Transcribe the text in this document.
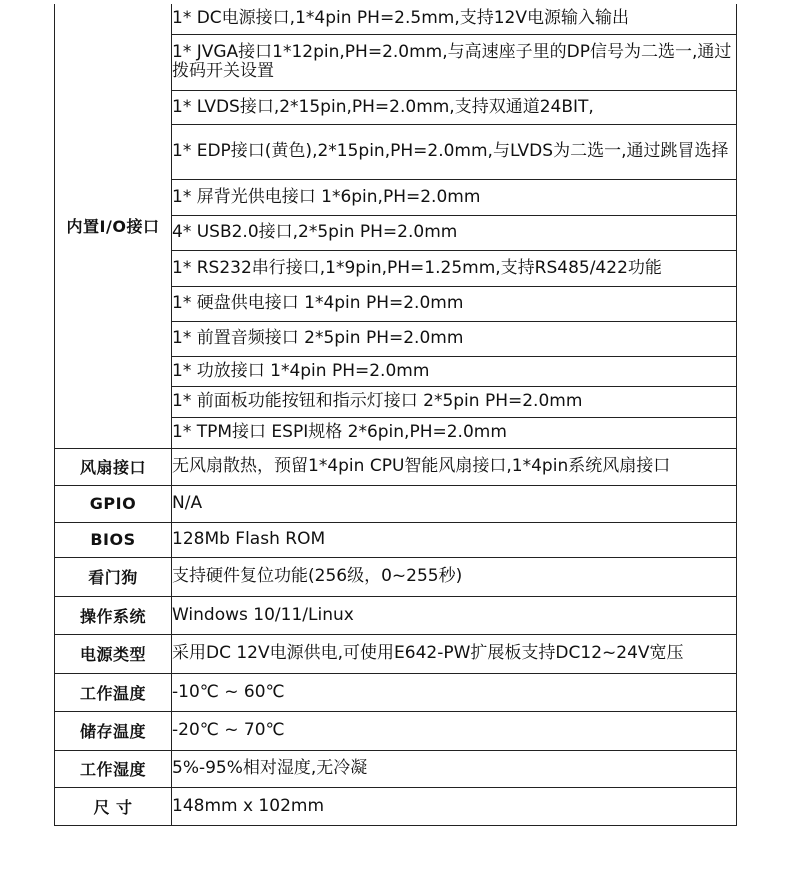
内置I/O接口	1* DC电源接口,1*4pin PH=2.5mm,支持12V电源输入输出
	1* JVGA接口1*12pin,PH=2.0mm,与高速座子里的DP信号为二选一,通过拨码开关设置
	1* LVDS接口,2*15pin,PH=2.0mm,支持双通道24BIT,
	1* EDP接口(黄色),2*15pin,PH=2.0mm,与LVDS为二选一,通过跳冒选择
	1* 屏背光供电接口 1*6pin,PH=2.0mm
	4* USB2.0接口,2*5pin PH=2.0mm
	1* RS232串行接口,1*9pin,PH=1.25mm,支持RS485/422功能
	1* 硬盘供电接口 1*4pin PH=2.0mm
	1* 前置音频接口 2*5pin PH=2.0mm
	1* 功放接口 1*4pin PH=2.0mm
	1* 前面板功能按钮和指示灯接口 2*5pin PH=2.0mm
	1* TPM接口 ESPI规格 2*6pin,PH=2.0mm
风扇接口	无风扇散热，预留1*4pin CPU智能风扇接口,1*4pin系统风扇接口
GPIO	N/A
BIOS	128Mb Flash ROM
看门狗	支持硬件复位功能(256级，0~255秒)
操作系统	Windows 10/11/Linux
电源类型	采用DC 12V电源供电,可使用E642-PW扩展板支持DC12~24V宽压
工作温度	-10℃ ~ 60℃
储存温度	-20℃ ~ 70℃
工作湿度	5%-95%相对湿度,无冷凝
尺 寸	148mm x 102mm
